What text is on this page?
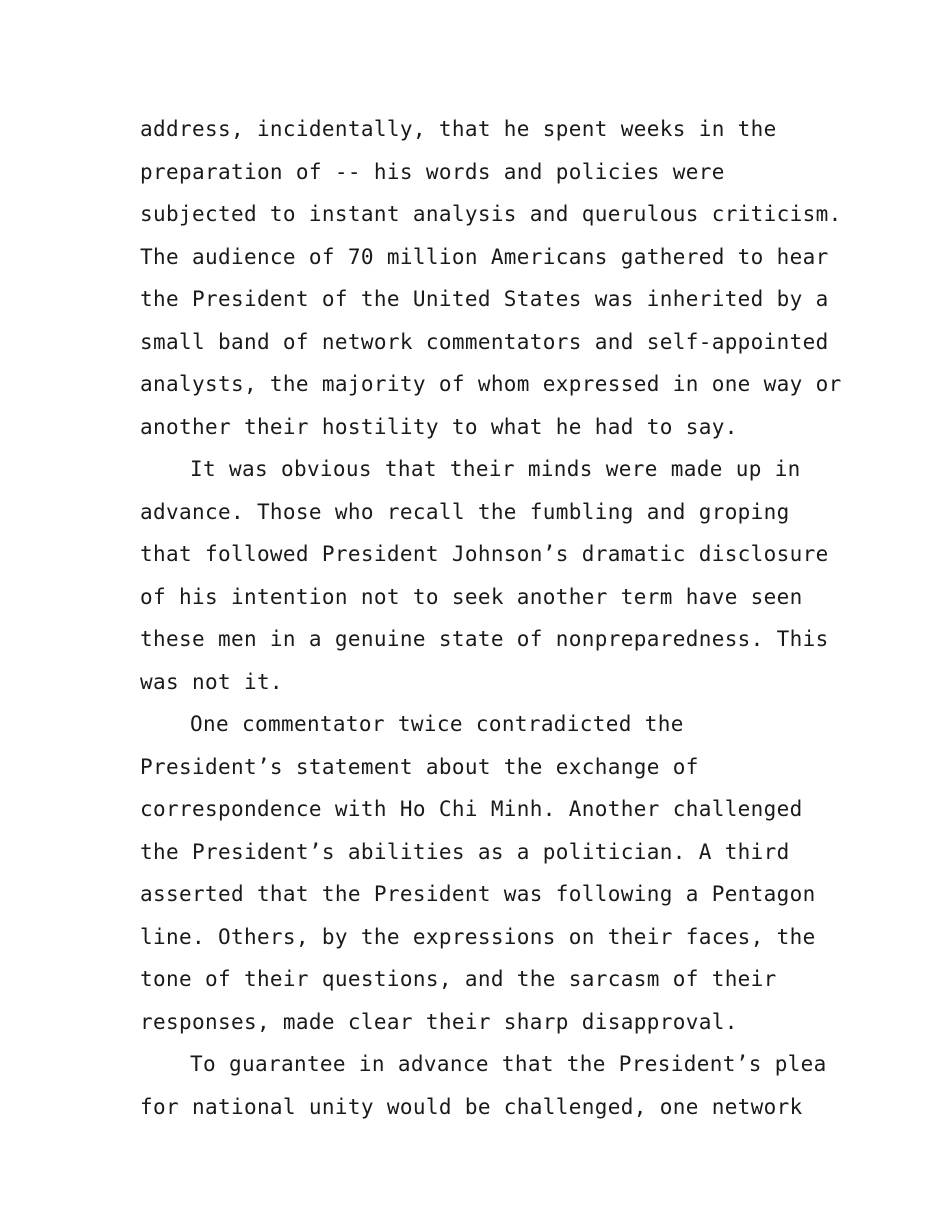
address, incidentally, that he spent weeks in the
preparation of -- his words and policies were
subjected to instant analysis and querulous criticism.
The audience of 70 million Americans gathered to hear
the President of the United States was inherited by a
small band of network commentators and self-appointed
analysts, the majority of whom expressed in one way or
another their hostility to what he had to say.
It was obvious that their minds were made up in
advance. Those who recall the fumbling and groping
that followed President Johnson’s dramatic disclosure
of his intention not to seek another term have seen
these men in a genuine state of nonpreparedness. This
was not it.
One commentator twice contradicted the
President’s statement about the exchange of
correspondence with Ho Chi Minh. Another challenged
the President’s abilities as a politician. A third
asserted that the President was following a Pentagon
line. Others, by the expressions on their faces, the
tone of their questions, and the sarcasm of their
responses, made clear their sharp disapproval.
To guarantee in advance that the President’s plea
for national unity would be challenged, one network
